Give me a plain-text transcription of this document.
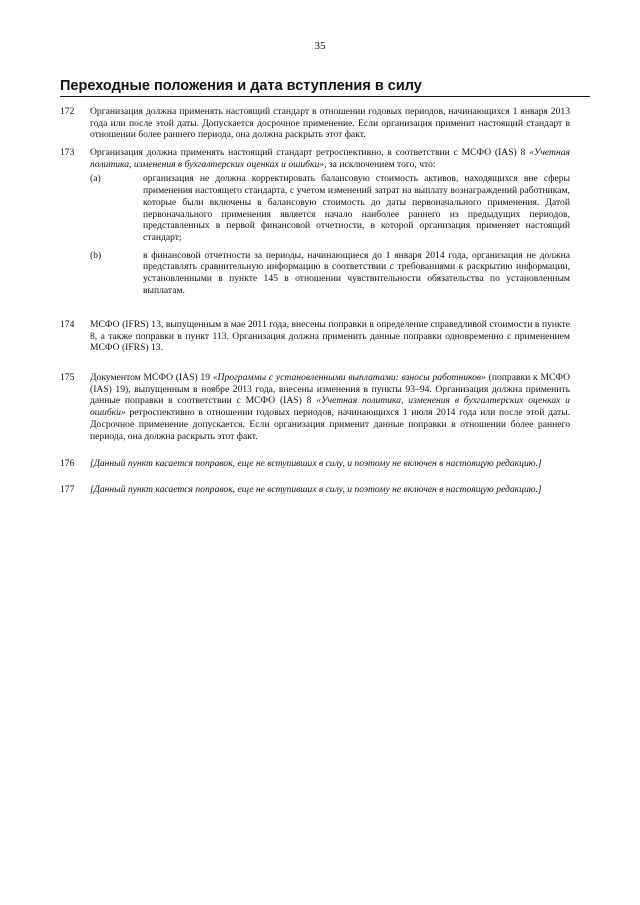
35
Переходные положения и дата вступления в силу
172	Организация должна применять настоящий стандарт в отношении годовых периодов, начинающихся 1 января 2013 года или после этой даты. Допускается досрочное применение. Если организация применит настоящий стандарт в отношении более раннего периода, она должна раскрыть этот факт.
173	Организация должна применять настоящий стандарт ретроспективно, в соответствии с МСФО (IAS) 8 «Учетная политика, изменения в бухгалтерских оценках и ошибки», за исключением того, что:
(a)	организация не должна корректировать балансовую стоимость активов, находящихся вне сферы применения настоящего стандарта, с учетом изменений затрат на выплату вознаграждений работникам, которые были включены в балансовую стоимость до даты первоначального применения. Датой первоначального применения является начало наиболее раннего из предыдущих периодов, представленных в первой финансовой отчетности, в которой организация применяет настоящий стандарт;
(b)	в финансовой отчетности за периоды, начинающиеся до 1 января 2014 года, организация не должна представлять сравнительную информацию в соответствии с требованиями к раскрытию информации, установленными в пункте 145 в отношении чувствительности обязательства по установленным выплатам.
174	МСФО (IFRS) 13, выпущенным в мае 2011 года, внесены поправки в определение справедливой стоимости в пункте 8, а также поправки в пункт 113. Организация должна применить данные поправки одновременно с применением МСФО (IFRS) 13.
175	Документом МСФО (IAS) 19 «Программы с установленными выплатами: взносы работников» (поправки к МСФО (IAS) 19), выпущенным в ноябре 2013 года, внесены изменения в пункты 93–94. Организация должна применить данные поправки в соответствии с МСФО (IAS) 8 «Учетная политика, изменения в бухгалтерских оценках и ошибки» ретроспективно в отношении годовых периодов, начинающихся 1 июля 2014 года или после этой даты. Досрочное применение допускается. Если организация применит данные поправки в отношении более раннего периода, она должна раскрыть этот факт.
176	[Данный пункт касается поправок, еще не вступивших в силу, и поэтому не включен в настоящую редакцию.]
177	[Данный пункт касается поправок, еще не вступивших в силу, и поэтому не включен в настоящую редакцию.]
